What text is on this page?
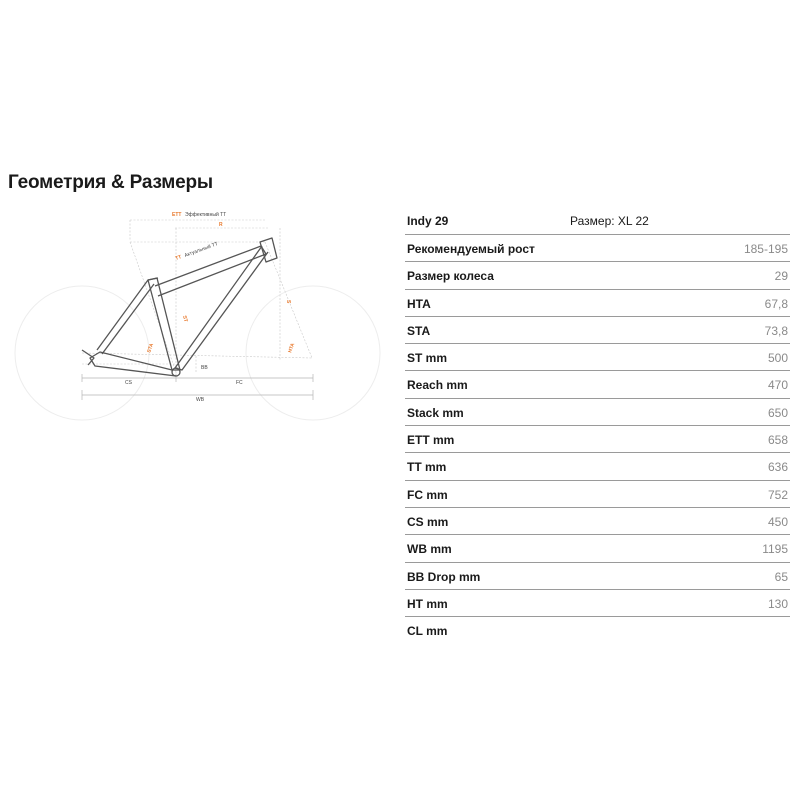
Геометрия & Размеры
ETT Эффективный TT
R
TT Актуальный TT
S
ST
STA	HTA
BB
CS	FC
WB
Indy 29	Размер: XL 22
Рекомендуемый рост	185-195
Размер колеса	29
HTA	67,8
STA	73,8
ST mm	500
Reach mm	470
Stack mm	650
ETT mm	658
TT mm	636
FC mm	752
CS mm	450
WB mm	1195
BB Drop mm	65
HT mm	130
CL mm
